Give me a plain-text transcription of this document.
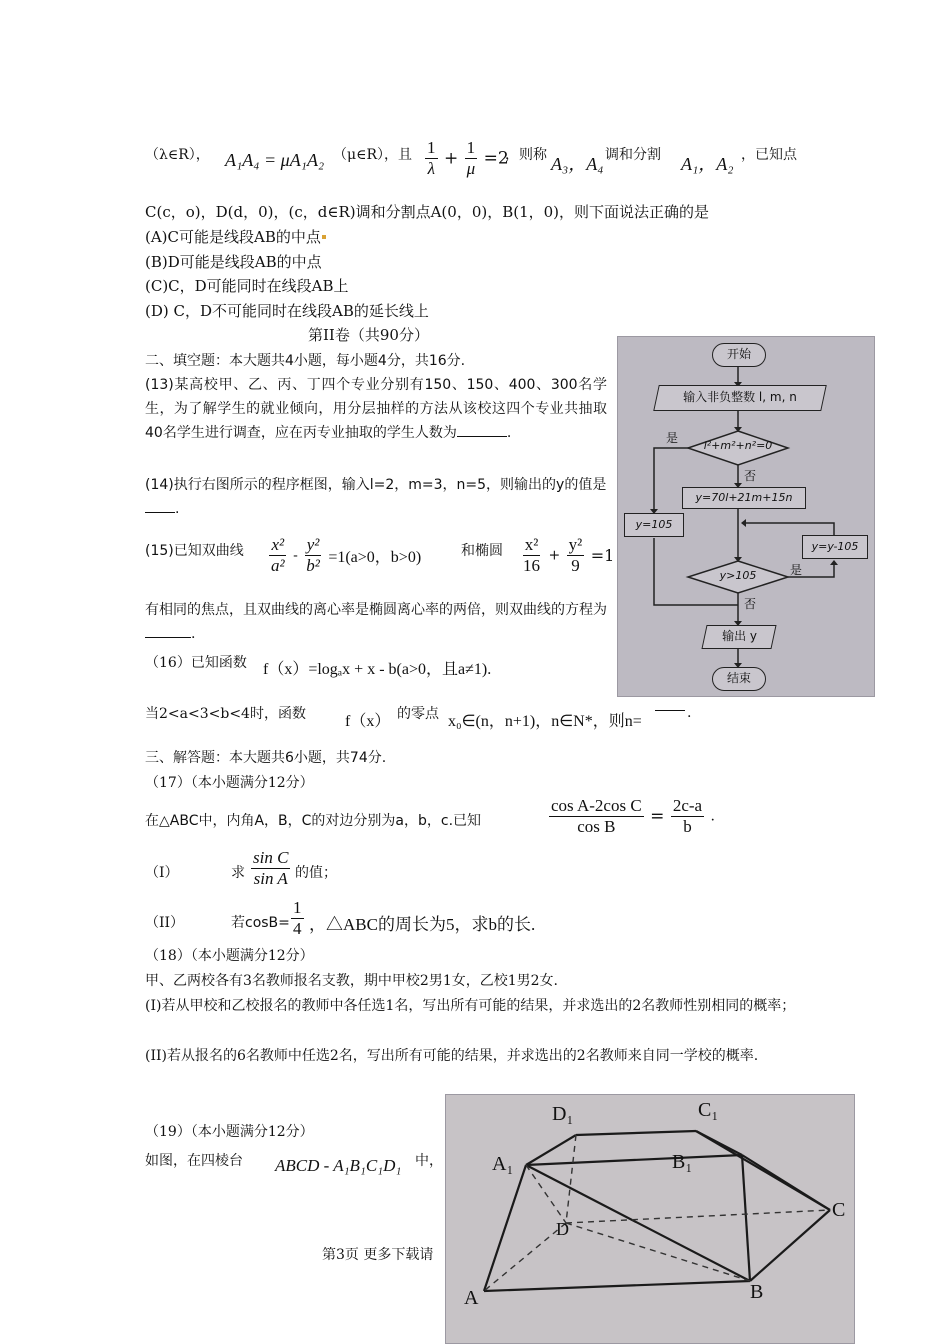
（λ∈R）， A₁A₄ = μA₁A₂ （μ∈R），且 $\frac{1}{\lambda} + \frac{1}{\mu} =2$
，则称 A₃，A₄ 调和分割 A₁，A₂ ，已知点
C(c，o)，D(d，0)，(c，d∈R)调和分割点A(0，0)，B(1，0)，则下面说法正确的是
(A)C可能是线段AB的中点
(B)D可能是线段AB的中点
(C)C，D可能同时在线段AB上
(D) C，D不可能同时在线段AB的延长线上
第II卷（共90分）
二、填空题：本大题共4小题，每小题4分，共16分.
(13)某高校甲、乙、丙、丁四个专业分别有150、150、400、300名学生，为了解学生的就业倾向，用分层抽样的方法从该校这四个专业共抽取40名学生进行调查，应在丙专业抽取的学生人数为	.
(14)执行右图所示的程序框图，输入l=2，m=3，n=5，则输出的y的值是.
(15)已知双曲线 $\frac{\text{x²}}{\text{a²}} - \frac{\text{y²}}{\text{b²}} =1(a>0$，b>0)	和椭圆 $\frac{\text{x²}}{16} + \frac{\text{y²}}{9} =1$
有相同的焦点，且双曲线的离心率是椭圆离心率的两倍，则双曲线的方程为.
（16）已知函数 f（x）=logₐx + x - b(a>0，且a≠1).
当2<a<3<b<4时，函数 f（x） 的零点 x₀∈(n，n+1)，n∈N*，则n=	.
三、解答题：本大题共6小题，共74分.
（17）（本小题满分12分）
在△ABC中，内角A，B，C的对边分别为a，b，c.已知	$\frac{\text{cos A-2cos C}}{\text{cos B}} = \frac{2c-a}{b}$ .
（I）	求 $\frac{\text{sin C}}{\text{sin A}}$ 的值；
（II）	若$\cos B= \frac{1}{4}$ ，△ABC的周长为5，求b的长.
（18）（本小题满分12分）
甲、乙两校各有3名教师报名支教，期中甲校2男1女，乙校1男2女.
(I)若从甲校和乙校报名的教师中各任选1名，写出所有可能的结果，并求选出的2名教师性别相同的概率；
(II)若从报名的6名教师中任选2名，写出所有可能的结果，并求选出的2名教师来自同一学校的概率.
（19）（本小题满分12分）
如图，在四棱台 ABCD - A₁B₁C₁D₁ 中，
第3页 更多下载请
开始
输入非负整数 l, m, n
l²+m²+n²=0
是
否
y=70l+21m+15n
y=105
y=y-105
y>105	是
否
输出 y
结束
D₁	C₁
A₁	B₁
C
D
A	B
